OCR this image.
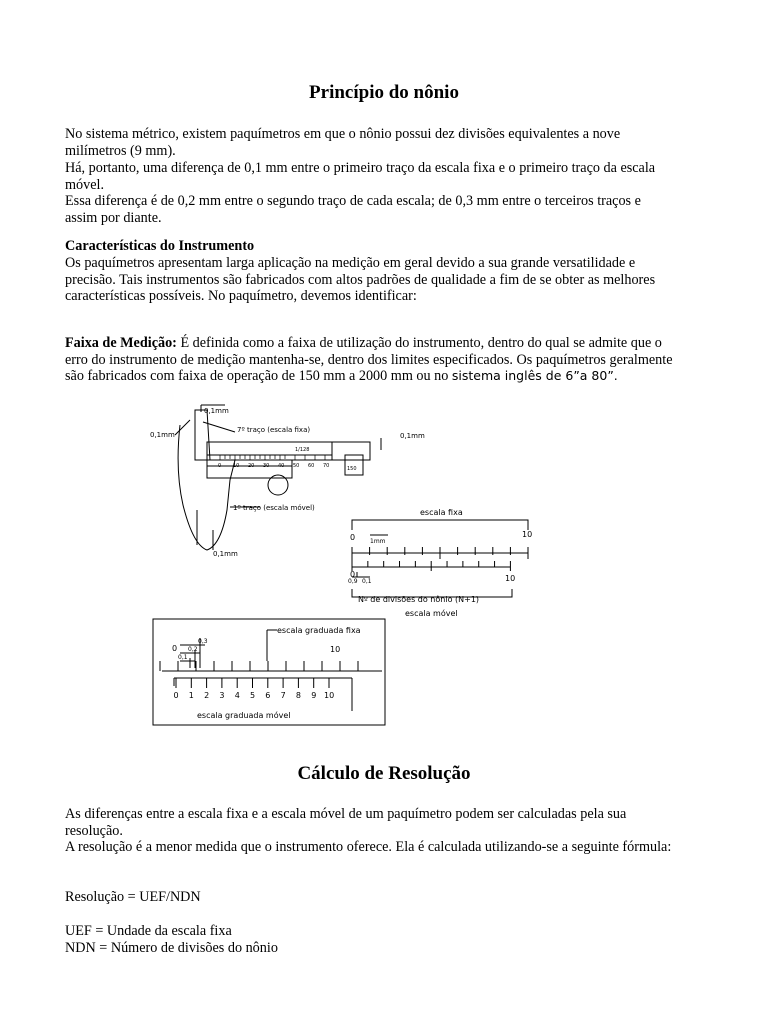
Princípio do nônio

No sistema métrico, existem paquímetros em que o nônio possui dez divisões equivalentes a nove milímetros (9 mm).

Há, portanto, uma diferença de 0,1 mm entre o primeiro traço da escala fixa e o primeiro traço da escala móvel.

Essa diferença é de 0,2 mm entre o segundo traço de cada escala; de 0,3 mm entre o terceiros traços e assim por diante.

Características do Instrumento

Os paquímetros apresentam larga aplicação na medição em geral devido a sua grande versatilidade e precisão. Tais instrumentos são fabricados com altos padrões de qualidade a fim de se obter as melhores características possíveis. No paquímetro, devemos identificar:

Faixa de Medição: É definida como a faixa de utilização do instrumento, dentro do qual se admite que o erro do instrumento de medição mantenha-se, dentro dos limites especificados. Os paquímetros geralmente são fabricados com faixa de operação de 150 mm a 2000 mm ou no sistema inglês de 6”a 80”.

0,1mm
0,1mm	0,1mm
0,1mm
7º traço (escala fixa)
1º traço (escala móvel)
1/128
150
0 10 20 30 40 50 60 70
escala fixa
0	10
1mm
0	10
0,9 0,1
Nº de divisões do nônio (N+1)
escala móvel
escala graduada fixa
0	10
0,3
0,2
0,1
0 1 2 3 4 5 6 7 8 9 10
escala graduada móvel
Cálculo de Resolução

As diferenças entre a escala fixa e a escala móvel de um paquímetro podem ser calculadas pela sua resolução.

A resolução é a menor medida que o instrumento oferece. Ela é calculada utilizando-se a seguinte fórmula:

Resolução = UEF/NDN

UEF = Undade da escala fixa

NDN = Número de divisões do nônio
